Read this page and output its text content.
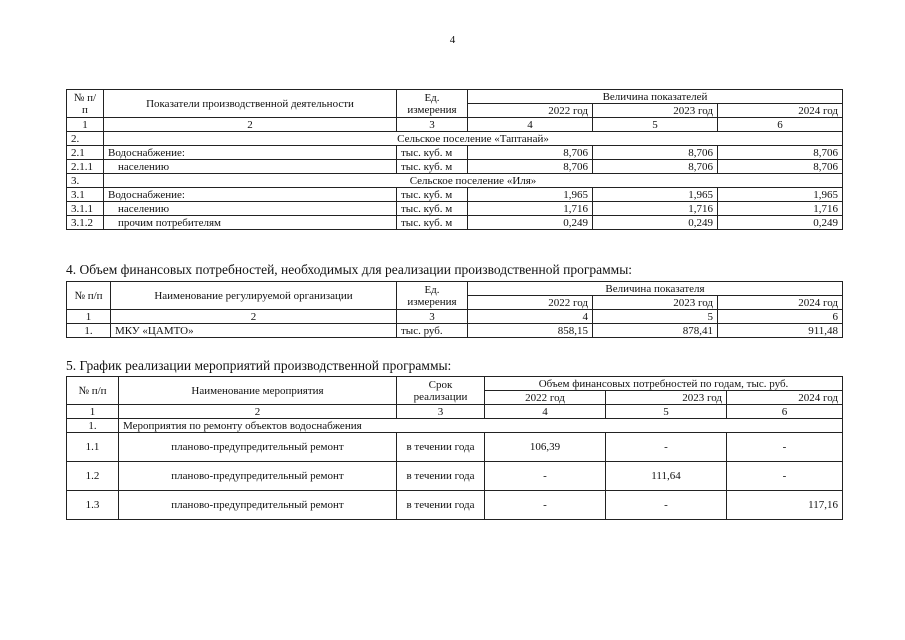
4
№ п/п	Показатели производственной деятельности	Ед. измерения	Величина показателей		
			2022 год	2023 год	2024 год
1	2	3	4	5	6
2.	Сельское поселение «Таптанай»				
2.1	Водоснабжение:	тыс. куб. м	8,706	8,706	8,706
2.1.1	населению	тыс. куб. м	8,706	8,706	8,706
3.	Сельское поселение «Иля»				
3.1	Водоснабжение:	тыс. куб. м	1,965	1,965	1,965
3.1.1	населению	тыс. куб. м	1,716	1,716	1,716
3.1.2	прочим потребителям	тыс. куб. м	0,249	0,249	0,249
4. Объем финансовых потребностей, необходимых для реализации производственной программы:
№ п/п	Наименование регулируемой организации	Ед. измерения	Величина показателя		
			2022 год	2023 год	2024 год
1	2	3	4	5	6
1.	МКУ «ЦАМТО»	тыс. руб.	858,15	878,41	911,48
5. График реализации мероприятий производственной программы:
№ п/п	Наименование мероприятия	Срок реализации	Объем финансовых потребностей по годам, тыс. руб.		
			2022 год	2023 год	2024 год
1	2	3	4	5	6
1.	Мероприятия по ремонту объектов водоснабжения				
1.1	планово-предупредительный ремонт	в течении года	106,39	-	-
1.2	планово-предупредительный ремонт	в течении года	-	111,64	-
1.3	планово-предупредительный ремонт	в течении года	-	-	117,16
